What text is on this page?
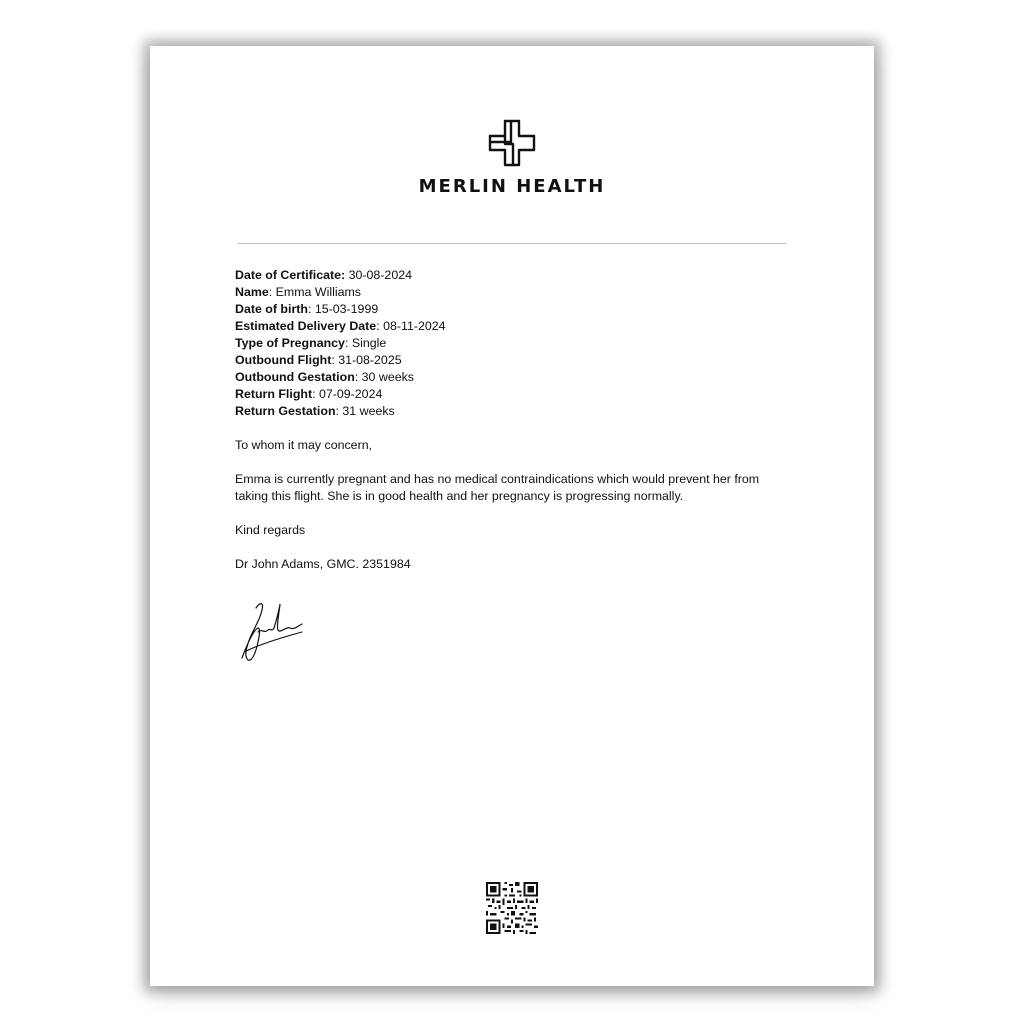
MERLIN HEALTH

Date of Certificate: 30-08-2024

Name: Emma Williams

Date of birth: 15-03-1999

Estimated Delivery Date: 08-11-2024

Type of Pregnancy: Single

Outbound Flight: 31-08-2025

Outbound Gestation: 30 weeks

Return Flight: 07-09-2024

Return Gestation: 31 weeks

To whom it may concern,

Emma is currently pregnant and has no medical contraindications which would prevent her from taking this flight. She is in good health and her pregnancy is progressing normally.

Kind regards

Dr John Adams, GMC. 2351984
